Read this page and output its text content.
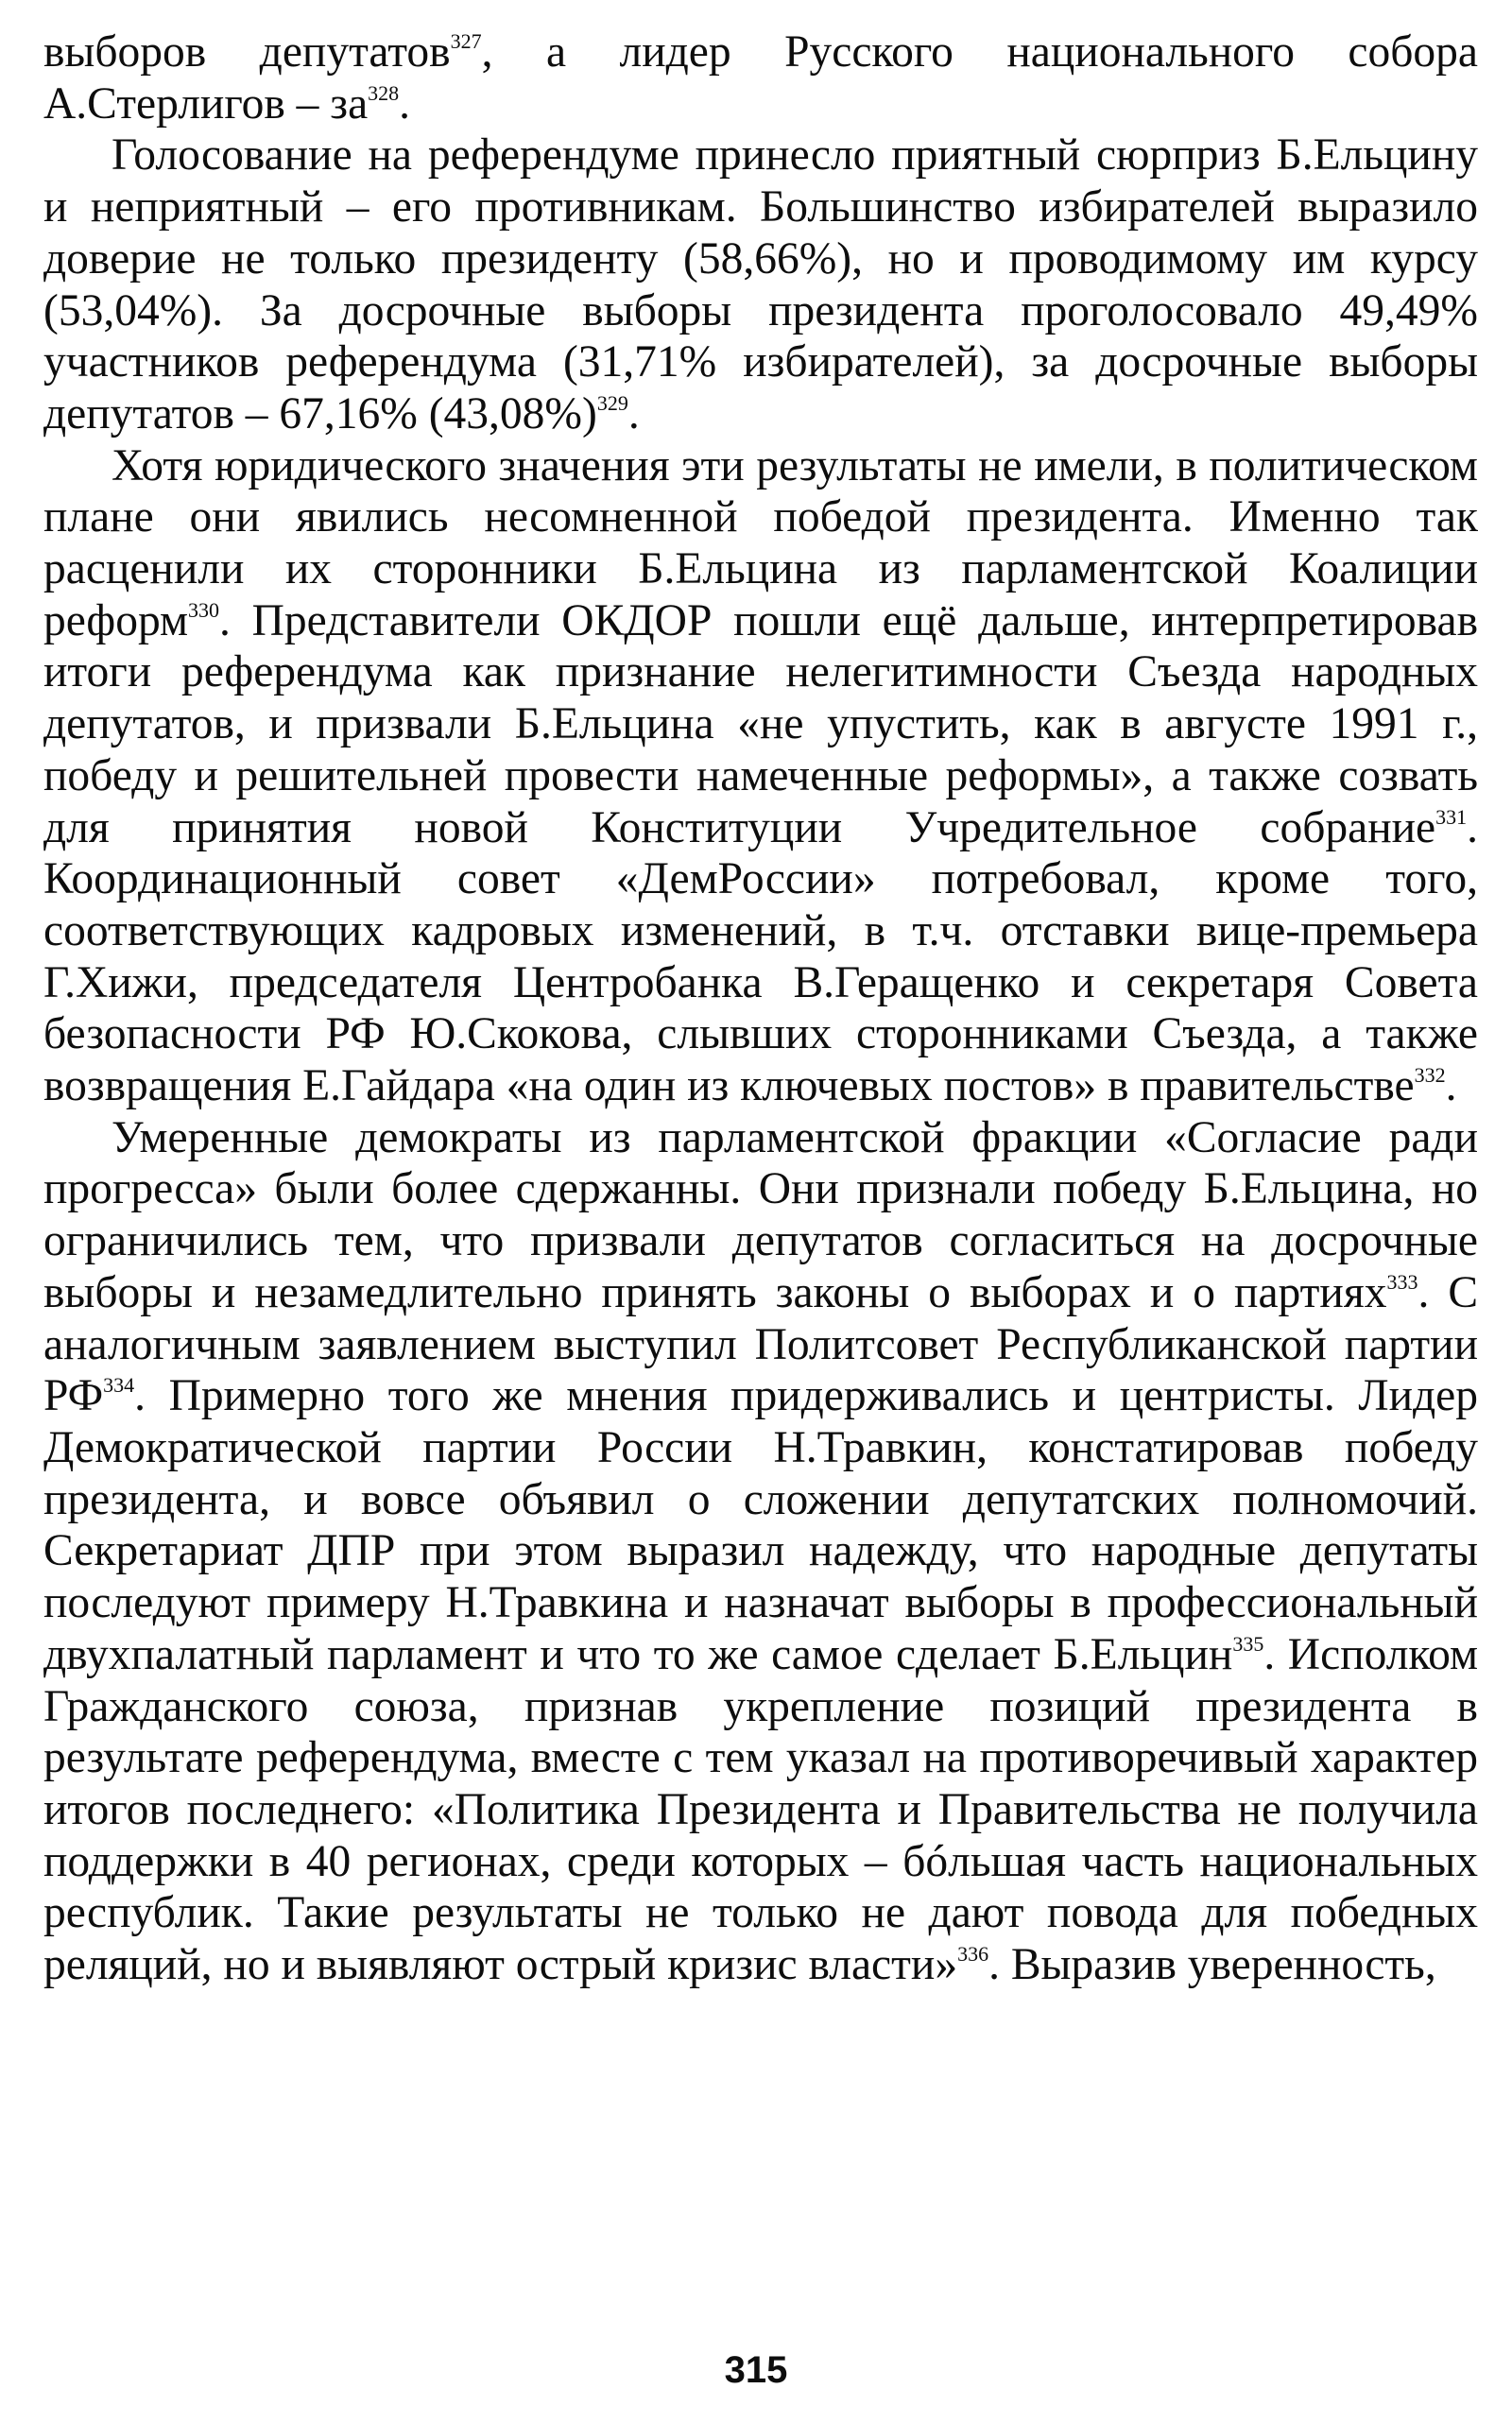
выборов депутатов$^{327}$, а лидер Русского национального собора А.Стерлигов – за$^{328}$.

Голосование на референдуме принесло приятный сюрприз Б.Ельцину и неприятный – его противникам. Большинство избирателей выразило доверие не только президенту (58,66%), но и проводимому им курсу (53,04%). За досрочные выборы президента проголосовало 49,49% участников референдума (31,71% избирателей), за досрочные выборы депутатов – 67,16% (43,08%)$^{329}$.

Хотя юридического значения эти результаты не имели, в политическом плане они явились несомненной победой президента. Именно так расценили их сторонники Б.Ельцина из парламентской Коалиции реформ$^{330}$. Представители ОКДОР пошли ещё дальше, интерпретировав итоги референдума как признание нелегитимности Съезда народных депутатов, и призвали Б.Ельцина «не упустить, как в августе 1991 г., победу и решительней провести намеченные реформы», а также созвать для принятия новой Конституции Учредительное собрание$^{331}$. Координационный совет «ДемРоссии» потребовал, кроме того, соответствующих кадровых изменений, в т.ч. отставки вице-премьера Г.Хижи, председателя Центробанка В.Геращенко и секретаря Совета безопасности РФ Ю.Скокова, слывших сторонниками Съезда, а также возвращения Е.Гайдара «на один из ключевых постов» в правительстве$^{332}$.

Умеренные демократы из парламентской фракции «Согласие ради прогресса» были более сдержанны. Они признали победу Б.Ельцина, но ограничились тем, что призвали депутатов согласиться на досрочные выборы и незамедлительно принять законы о выборах и о партиях$^{333}$. С аналогичным заявлением выступил Политсовет Республиканской партии РФ$^{334}$. Примерно того же мнения придерживались и центристы. Лидер Демократической партии России Н.Травкин, констатировав победу президента, и вовсе объявил о сложении депутатских полномочий. Секретариат ДПР при этом выразил надежду, что народные депутаты последуют примеру Н.Травкина и назначат выборы в профессиональный двухпалатный парламент и что то же самое сделает Б.Ельцин$^{335}$. Исполком Гражданского союза, признав укрепление позиций президента в результате референдума, вместе с тем указал на противоречивый характер итогов последнего: «Политика Президента и Правительства не получила поддержки в 40 регионах, среди которых – бóльшая часть национальных республик. Такие результаты не только не дают повода для победных реляций, но и выявляют острый кризис власти»$^{336}$. Выразив уверенность,

315
